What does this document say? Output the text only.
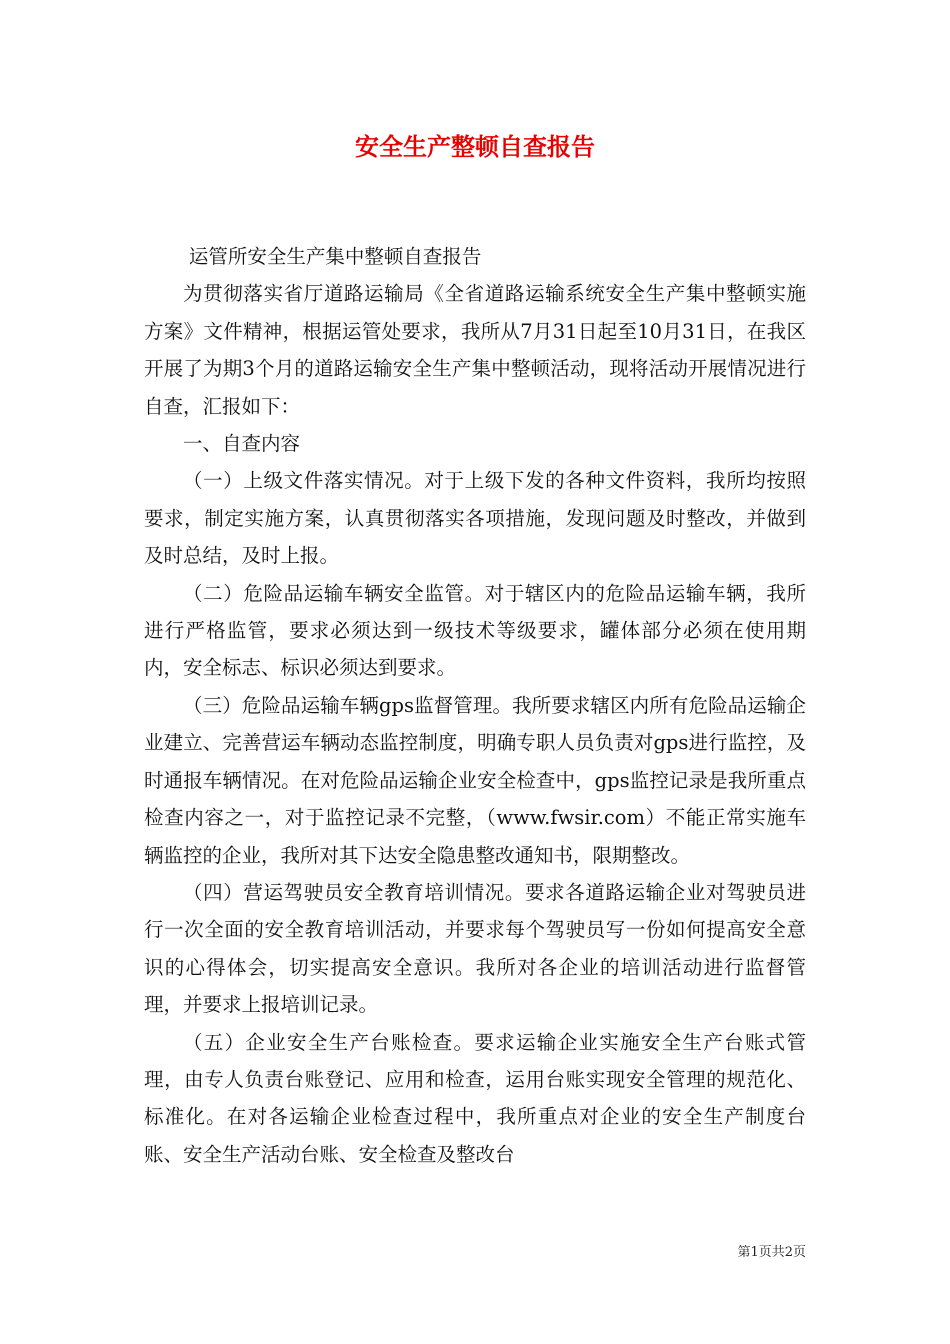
安全生产整顿自查报告

运管所安全生产集中整顿自查报告

为贯彻落实省厅道路运输局《全省道路运输系统安全生产集中整顿实施方案》文件精神，根据运管处要求，我所从7月31日起至10月31日，在我区开展了为期3个月的道路运输安全生产集中整顿活动，现将活动开展情况进行自查，汇报如下：

一、自查内容

（一）上级文件落实情况。对于上级下发的各种文件资料，我所均按照要求，制定实施方案，认真贯彻落实各项措施，发现问题及时整改，并做到及时总结，及时上报。

（二）危险品运输车辆安全监管。对于辖区内的危险品运输车辆，我所进行严格监管，要求必须达到一级技术等级要求，罐体部分必须在使用期内，安全标志、标识必须达到要求。

（三）危险品运输车辆gps监督管理。我所要求辖区内所有危险品运输企业建立、完善营运车辆动态监控制度，明确专职人员负责对gps进行监控，及时通报车辆情况。在对危险品运输企业安全检查中，gps监控记录是我所重点检查内容之一，对于监控记录不完整，（www.fwsir.com）不能正常实施车辆监控的企业，我所对其下达安全隐患整改通知书，限期整改。

（四）营运驾驶员安全教育培训情况。要求各道路运输企业对驾驶员进行一次全面的安全教育培训活动，并要求每个驾驶员写一份如何提高安全意识的心得体会，切实提高安全意识。我所对各企业的培训活动进行监督管理，并要求上报培训记录。

（五）企业安全生产台账检查。要求运输企业实施安全生产台账式管理，由专人负责台账登记、应用和检查，运用台账实现安全管理的规范化、标准化。在对各运输企业检查过程中，我所重点对企业的安全生产制度台账、安全生产活动台账、安全检查及整改台

第1页共2页
